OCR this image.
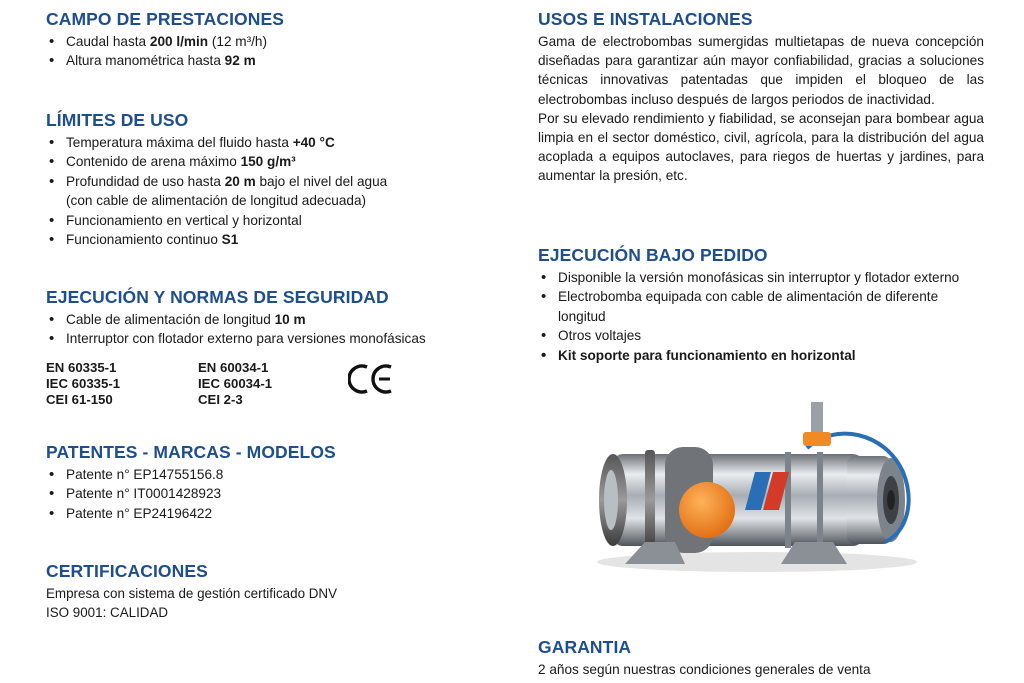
CAMPO DE PRESTACIONES
• Caudal hasta 200 l/min (12 m³/h)
• Altura manométrica hasta 92 m
LÍMITES DE USO
• Temperatura máxima del fluido hasta +40 °C
• Contenido de arena máximo 150 g/m³
• Profundidad de uso hasta 20 m bajo el nivel del agua
(con cable de alimentación de longitud adecuada)
• Funcionamiento en vertical y horizontal
• Funcionamiento continuo S1
EJECUCIÓN Y NORMAS DE SEGURIDAD
• Cable de alimentación de longitud 10 m
• Interruptor con flotador externo para versiones monofásicas
EN 60335-1
IEC 60335-1
CEI 61-150
EN 60034-1
IEC 60034-1
CEI 2-3
PATENTES - MARCAS - MODELOS
• Patente n° EP14755156.8
• Patente n° IT0001428923
• Patente n° EP24196422
CERTIFICACIONES
Empresa con sistema de gestión certificado DNV
ISO 9001: CALIDAD
USOS E INSTALACIONES
Gama de electrobombas sumergidas multietapas de nueva concepción diseñadas para garantizar aún mayor confiabilidad, gracias a soluciones técnicas innovativas patentadas que impiden el bloqueo de las electrobombas incluso después de largos periodos de inactividad.
Por su elevado rendimiento y fiabilidad, se aconsejan para bombear agua limpia en el sector doméstico, civil, agrícola, para la distribución del agua acoplada a equipos autoclaves, para riegos de huertas y jardines, para aumentar la presión, etc.
EJECUCIÓN BAJO PEDIDO
• Disponible la versión monofásicas sin interruptor y flotador externo
• Electrobomba equipada con cable de alimentación de diferente longitud
• Otros voltajes
• Kit soporte para funcionamiento en horizontal
GARANTIA
2 años según nuestras condiciones generales de venta
